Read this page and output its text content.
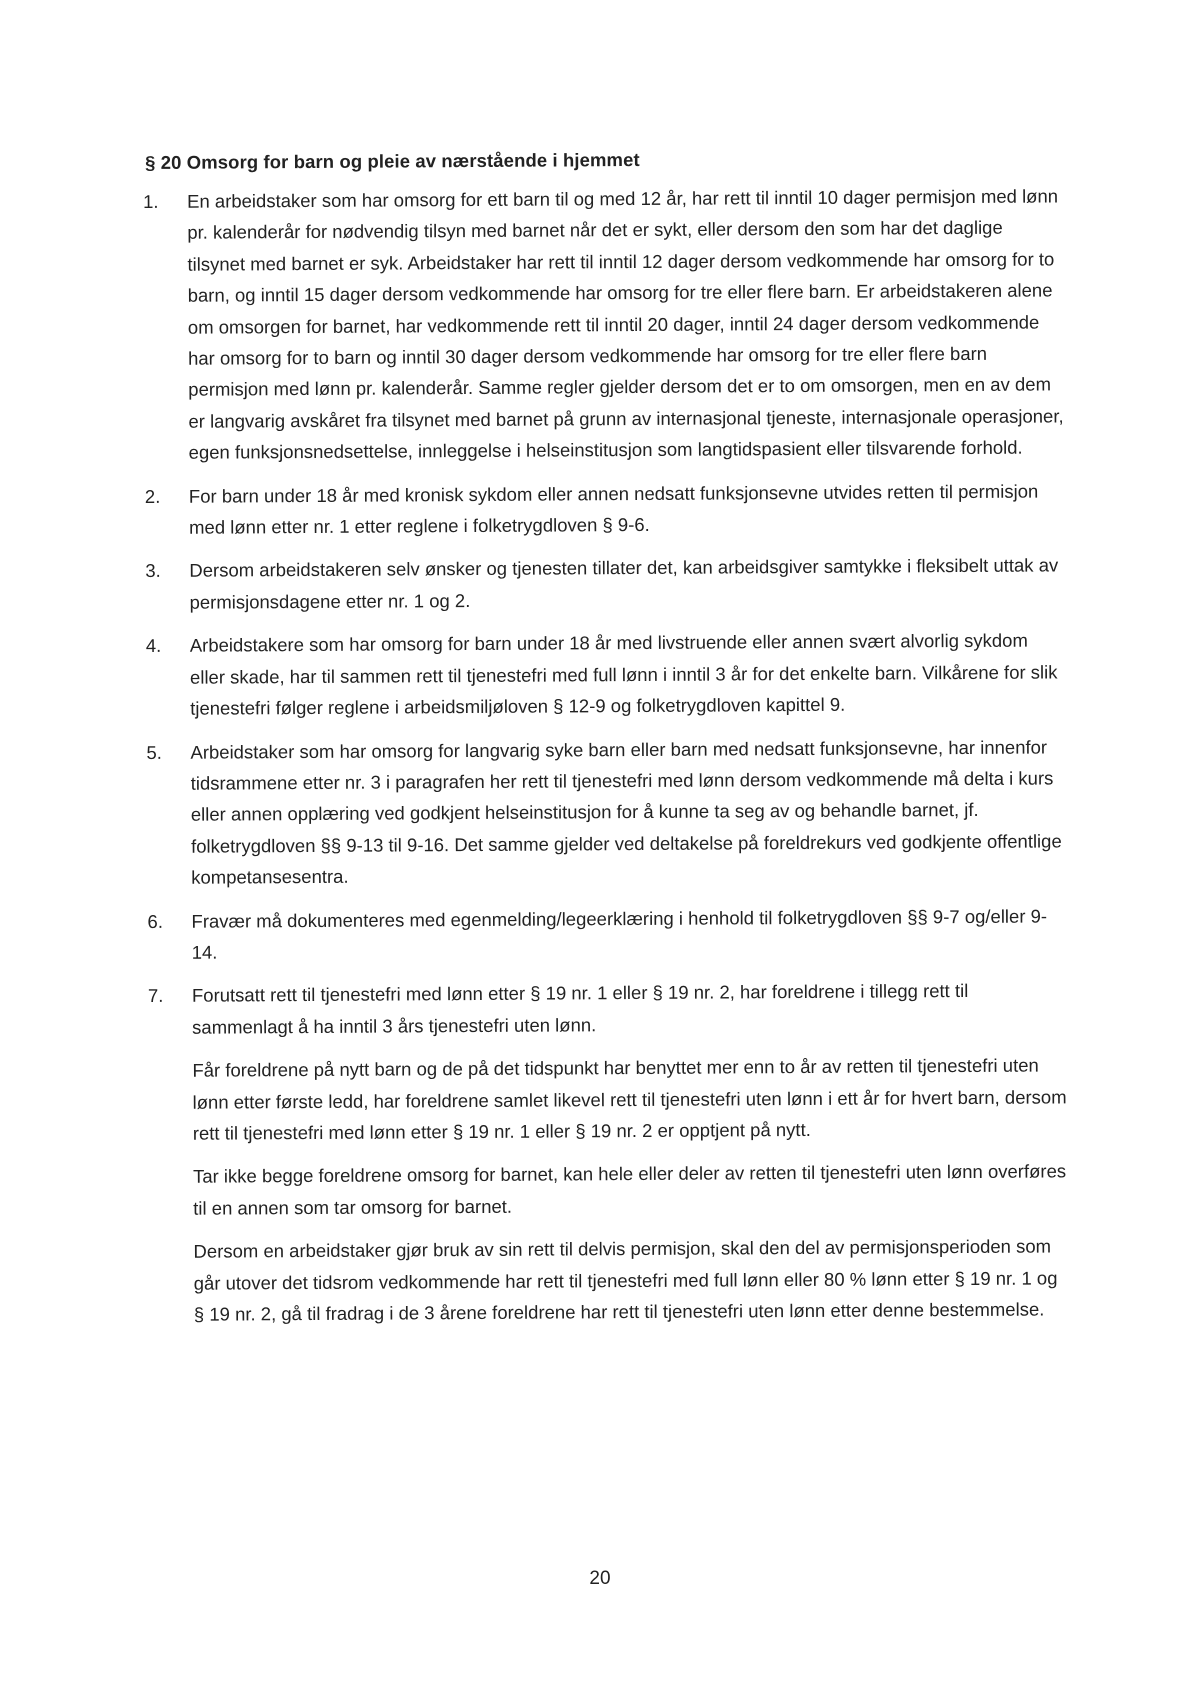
§ 20 Omsorg for barn og pleie av nærstående i hjemmet
1.	En arbeidstaker som har omsorg for ett barn til og med 12 år, har rett til inntil 10 dager permisjon med lønn pr. kalenderår for nødvendig tilsyn med barnet når det er sykt, eller dersom den som har det daglige tilsynet med barnet er syk. Arbeidstaker har rett til inntil 12 dager dersom vedkommende har omsorg for to barn, og inntil 15 dager dersom vedkommende har omsorg for tre eller flere barn. Er arbeidstakeren alene om omsorgen for barnet, har vedkommende rett til inntil 20 dager, inntil 24 dager dersom vedkommende har omsorg for to barn og inntil 30 dager dersom vedkommende har omsorg for tre eller flere barn permisjon med lønn pr. kalenderår. Samme regler gjelder dersom det er to om omsorgen, men en av dem er langvarig avskåret fra tilsynet med barnet på grunn av internasjonal tjeneste, internasjonale operasjoner, egen funksjonsnedsettelse, innleggelse i helseinstitusjon som langtidspasient eller tilsvarende forhold.

2.	For barn under 18 år med kronisk sykdom eller annen nedsatt funksjonsevne utvides retten til permisjon med lønn etter nr. 1 etter reglene i folketrygdloven § 9-6.

3.	Dersom arbeidstakeren selv ønsker og tjenesten tillater det, kan arbeidsgiver samtykke i fleksibelt uttak av permisjonsdagene etter nr. 1 og 2.

4.	Arbeidstakere som har omsorg for barn under 18 år med livstruende eller annen svært alvorlig sykdom eller skade, har til sammen rett til tjenestefri med full lønn i inntil 3 år for det enkelte barn. Vilkårene for slik tjenestefri følger reglene i arbeidsmiljøloven § 12-9 og folketrygdloven kapittel 9.

5.	Arbeidstaker som har omsorg for langvarig syke barn eller barn med nedsatt funksjonsevne, har innenfor tidsrammene etter nr. 3 i paragrafen her rett til tjenestefri med lønn dersom vedkommende må delta i kurs eller annen opplæring ved godkjent helseinstitusjon for å kunne ta seg av og behandle barnet, jf. folketrygdloven §§ 9-13 til 9-16. Det samme gjelder ved deltakelse på foreldrekurs ved godkjente offentlige kompetansesentra.

6.	Fravær må dokumenteres med egenmelding/legeerklæring i henhold til folketrygdloven §§ 9-7 og/eller 9-14.

7.	Forutsatt rett til tjenestefri med lønn etter § 19 nr. 1 eller § 19 nr. 2, har foreldrene i tillegg rett til sammenlagt å ha inntil 3 års tjenestefri uten lønn.

Får foreldrene på nytt barn og de på det tidspunkt har benyttet mer enn to år av retten til tjenestefri uten lønn etter første ledd, har foreldrene samlet likevel rett til tjenestefri uten lønn i ett år for hvert barn, dersom rett til tjenestefri med lønn etter § 19 nr. 1 eller § 19 nr. 2 er opptjent på nytt.

Tar ikke begge foreldrene omsorg for barnet, kan hele eller deler av retten til tjenestefri uten lønn overføres til en annen som tar omsorg for barnet.

Dersom en arbeidstaker gjør bruk av sin rett til delvis permisjon, skal den del av permisjonsperioden som går utover det tidsrom vedkommende har rett til tjenestefri med full lønn eller 80 % lønn etter § 19 nr. 1 og § 19 nr. 2, gå til fradrag i de 3 årene foreldrene har rett til tjenestefri uten lønn etter denne bestemmelse.

20
